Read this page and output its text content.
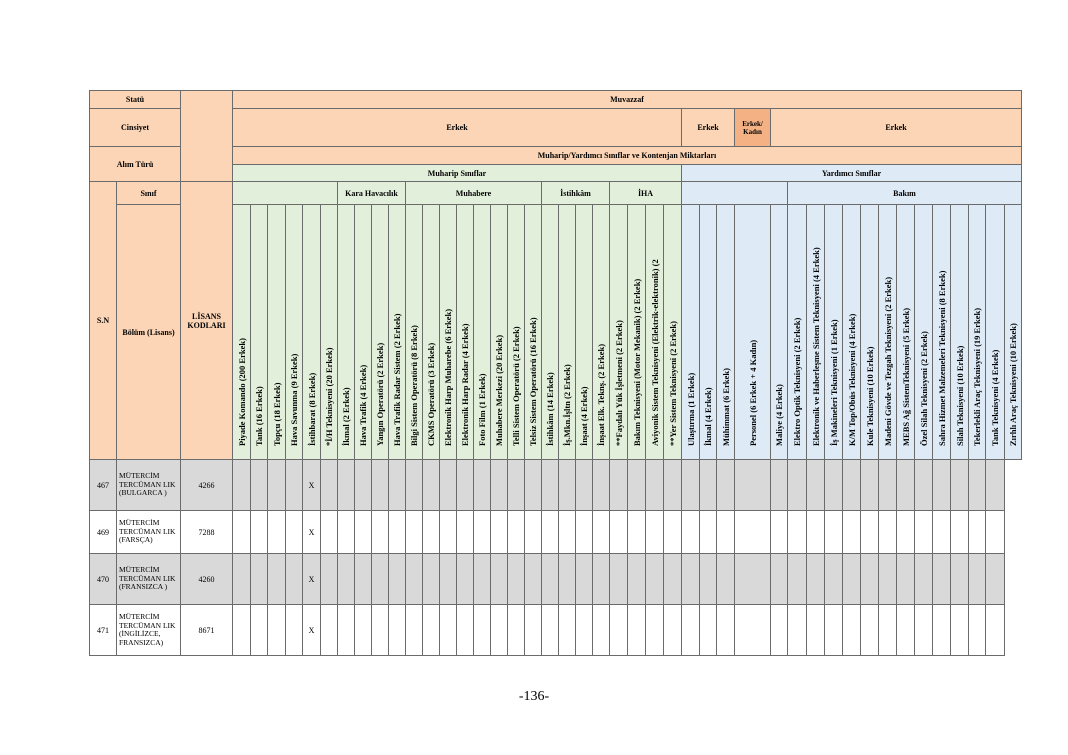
Statü			Muvazzaf																																											
Cinsiyet			Erkek																										Erkek			Erkek/ Kadın	Erkek													
Alım Türü			Muharip/Yardımcı Sınıflar ve Kontenjan Miktarları																																											
			Muharip Sınıflar																										Yardımcı Sınıflar																	
S.N	Sınıf	LİSANS KODLARI							Kara Havacılık				Muhabere								İstihkâm				İHA									Bakım												
	Bölüm (Lisans)		Piyade Komando (200 Erkek)	Tank (16 Erkek)	Topçu (18 Erkek)	Hava Savunma (9 Erkek)	İstihbarat (8 Erkek)	*İ/H Teknisyeni (20 Erkek)	İkmal (2 Erkek)	Hava Trafik (4 Erkek)	Yangın Operatörü (2 Erkek)	Hava Trafik Radar Sistem (2 Erkek)	Bilgi Sistem Operatörü (8 Erkek)	CKMS Operatörü (3 Erkek)	Elektronik Harp Muharebe (6 Erkek)	Elektronik Harp Radar (4 Erkek)	Foto Film (1 Erkek)	Muhabere Merkezi (20 Erkek)	Telli Sistem Operatörü (2 Erkek)	Telsiz Sistem Operatörü (16 Erkek)	İstihkâm (14 Erkek)	İş.Mkn.İşltn (2 Erkek)	İnşaat (4 Erkek)	İnşaat Elk. Teknş. (2 Erkek)	**Faydalı Yük İşletmeni (2 Erkek)	Bakım Teknisyeni (Motor Mekanik) (2 Erkek)	Aviyonik Sistem Teknisyeni (Elektrik-elektronik) (2	**Yer Sistem Teknisyeni (2 Erkek)	Ulaştırma (1 Erkek)	İkmal (4 Erkek)	Mühimmat (6 Erkek)	Personel (6 Erkek + 4 Kadın)	Maliye (4 Erkek)	Elektro Optik Teknisyeni (2 Erkek)	Elektronik ve Haberleşme Sistem Teknisyeni (4 Erkek)	İş Makineleri Teknisyeni (1 Erkek)	K/M Top/Obüs Teknisyeni (4 Erkek)	Kule Teknisyeni (10 Erkek)	Madeni Gövde ve Tezgah Teknisyeni (2 Erkek)	MEBS Ağ SistemTeknisyeni (5 Erkek)	Özel Silah Teknisyeni (2 Erkek)	Sahra Hizmet Malzemeleri Teknisyeni (8 Erkek)	Silah Teknisyeni (10 Erkek)	Tekerlekli Araç Teknisyeni (19 Erkek)	Tank Teknisyeni (4 Erkek)	Zırhlı Araç Teknisyeni (10 Erkek)

467	MÜTERCİM TERCÜMAN LIK (BULGARCA )	4266					X																																							
469	MÜTERCİM TERCÜMAN LIK (FARSÇA)	7288					X																																							
470	MÜTERCİM TERCÜMAN LIK (FRANSIZCA )	4260					X																																							
471	MÜTERCİM TERCÜMAN LIK (İNGİLİZCE, FRANSIZCA)	8671					X																																							
-136-
